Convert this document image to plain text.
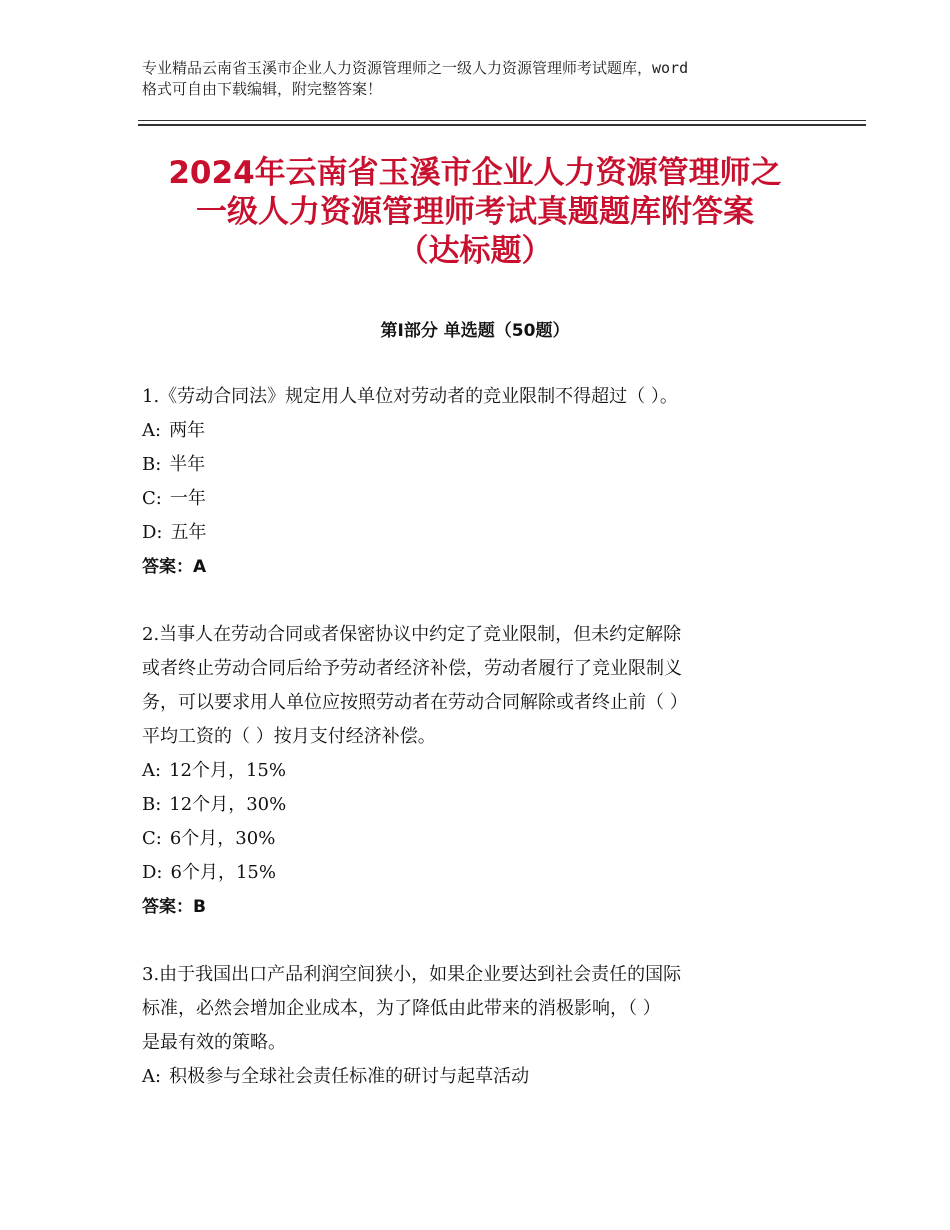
专业精品云南省玉溪市企业人力资源管理师之一级人力资源管理师考试题库，word
格式可自由下载编辑，附完整答案！
2024年云南省玉溪市企业人力资源管理师之
一级人力资源管理师考试真题题库附答案
（达标题）
第Ⅰ部分 单选题（50题）

1.《劳动合同法》规定用人单位对劳动者的竞业限制不得超过（ ）。

A: 两年

B: 半年

C: 一年

D: 五年

答案：A

2.当事人在劳动合同或者保密协议中约定了竞业限制，但未约定解除

或者终止劳动合同后给予劳动者经济补偿，劳动者履行了竞业限制义

务，可以要求用人单位应按照劳动者在劳动合同解除或者终止前（ ）

平均工资的（ ）按月支付经济补偿。

A: 12个月，15%

B: 12个月，30%

C: 6个月，30%

D: 6个月，15%

答案：B

3.由于我国出口产品利润空间狭小，如果企业要达到社会责任的国际

标准，必然会增加企业成本，为了降低由此带来的消极影响，（ ）

是最有效的策略。

A: 积极参与全球社会责任标准的研讨与起草活动
